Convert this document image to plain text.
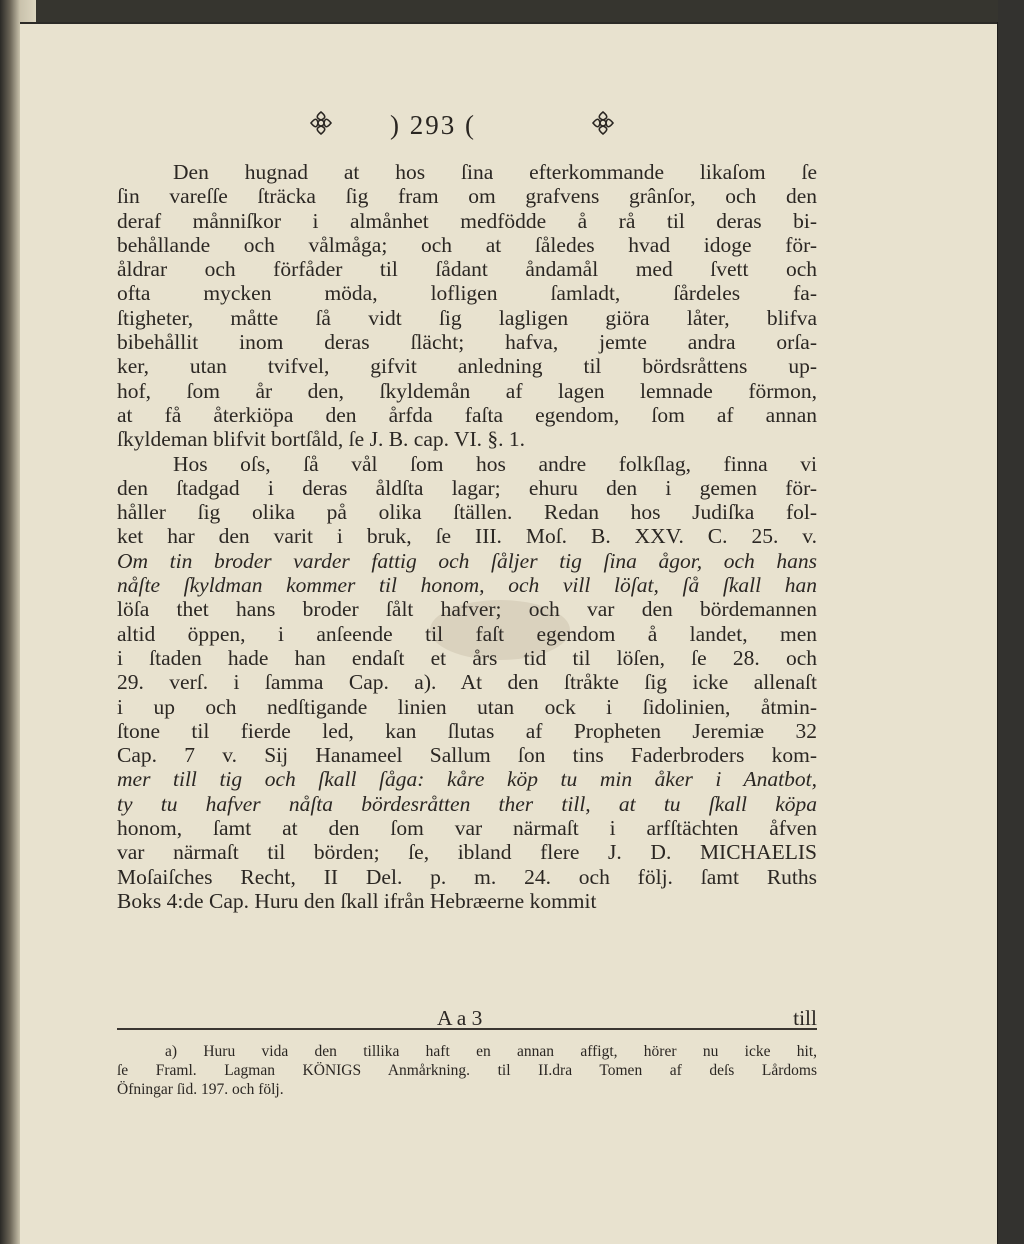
) 293 (
Den hugnad at hos ſina efterkommande likaſom ſe
ſin vareſſe ſträcka ſig fram om grafvens grânſor, och den
deraf månniſkor i almånhet medfödde å rå til deras bi-
behållande och vålmåga; och at ſåledes hvad idoge för-
åldrar och förfåder til ſådant åndamål med ſvett och
ofta mycken möda, lofligen ſamladt, ſårdeles fa-
ſtigheter, måtte ſå vidt ſig lagligen giöra låter, blifva
bibehållit inom deras ſlächt; hafva, jemte andra orſa-
ker, utan tvifvel, gifvit anledning til bördsråttens up-
hof, ſom år den, ſkyldemån af lagen lemnade förmon,
at få återkiöpa den årfda faſta egendom, ſom af annan
ſkyldeman blifvit bortſåld, ſe J. B. cap. VI. §. 1.
Hos oſs, ſå vål ſom hos andre folkſlag, finna vi
den ſtadgad i deras åldſta lagar; ehuru den i gemen för-
håller ſig olika på olika ſtällen. Redan hos Judiſka fol-
ket har den varit i bruk, ſe III. Moſ. B. XXV. C. 25. v.
Om tin broder varder fattig och ſåljer tig ſina ågor, och hans
nåſte ſkyldman kommer til honom, och vill löſat, ſå ſkall han
löſa thet hans broder ſålt hafver; och var den bördemannen
altid öppen, i anſeende til faſt egendom å landet, men
i ſtaden hade han endaſt et års tid til löſen, ſe 28. och
29. verſ. i ſamma Cap. a). At den ſtråkte ſig icke allenaſt
i up och nedſtigande linien utan ock i ſidolinien, åtmin-
ſtone til fierde led, kan ſlutas af Propheten Jeremiæ 32
Cap. 7 v. Sij Hanameel Sallum ſon tins Faderbroders kom-
mer till tig och ſkall ſåga: kåre köp tu min åker i Anatbot,
ty tu hafver nåſta bördesråtten ther till, at tu ſkall köpa
honom, ſamt at den ſom var närmaſt i arfſtächten åfven
var närmaſt til börden; ſe, ibland flere J. D. MICHAELIS
Moſaiſches Recht, II Del. p. m. 24. och följ. ſamt Ruths
Boks 4:de Cap. Huru den ſkall ifrån Hebræerne kommit
A a 3	till
a) Huru vida den tillika haft en annan affigt, hörer nu icke hit,
ſe Framl. Lagman KÖNIGS Anmårkning. til II.dra Tomen af deſs Lårdoms
Öfningar ſid. 197. och följ.
